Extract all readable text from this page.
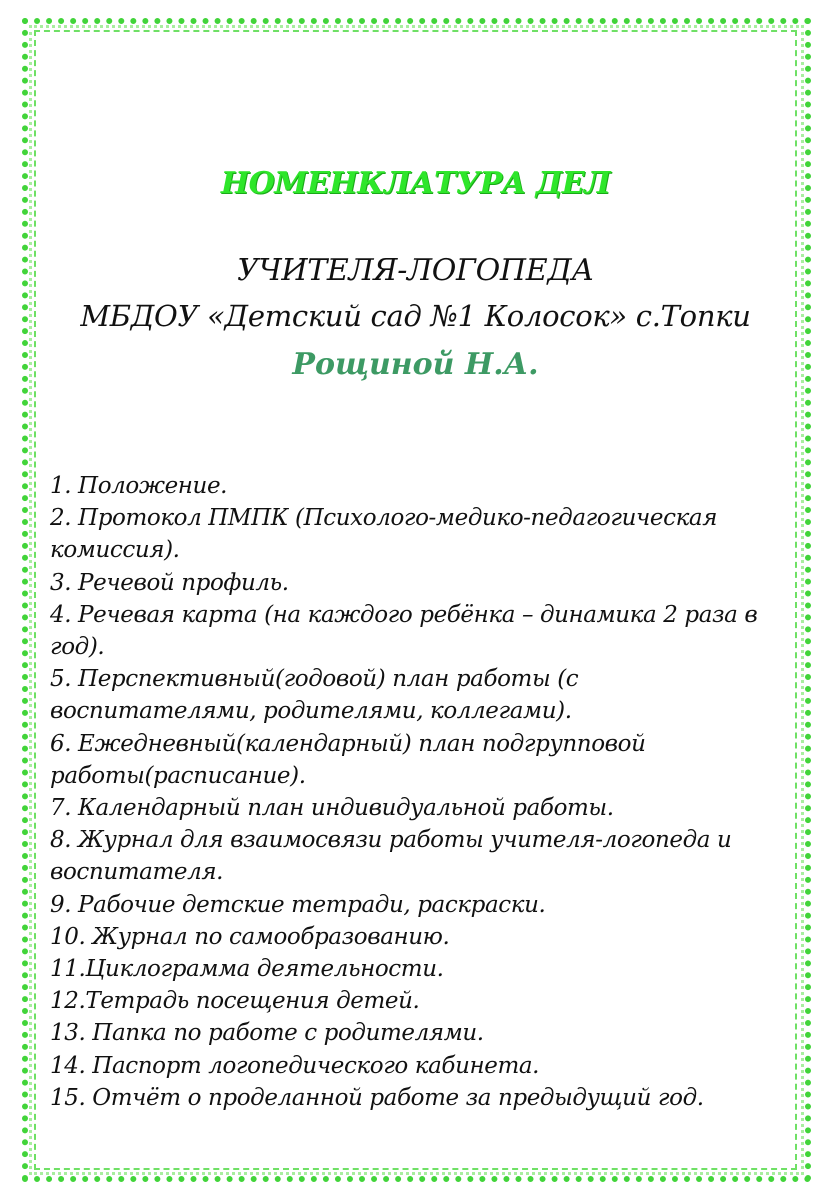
НОМЕНКЛАТУРА ДЕЛ

УЧИТЕЛЯ-ЛОГОПЕДА

МБДОУ «Детский сад №1 Колосок» с.Топки

Рощиной Н.А.

1. Положение.
2. Протокол ПМПК (Психолого-медико-педагогическая комиссия).
3. Речевой профиль.
4. Речевая карта (на каждого ребёнка – динамика 2 раза в год).
5. Перспективный(годовой) план работы (с воспитателями, родителями, коллегами).
6. Ежедневный(календарный) план подгрупповой работы(расписание).
7. Календарный план индивидуальной работы.
8. Журнал для взаимосвязи работы учителя-логопеда и воспитателя.
9. Рабочие детские тетради, раскраски.
10. Журнал по самообразованию.
11.Циклограмма деятельности.
12.Тетрадь посещения детей.
13. Папка по работе с родителями.
14. Паспорт логопедического кабинета.
15. Отчёт о проделанной работе за предыдущий год.
